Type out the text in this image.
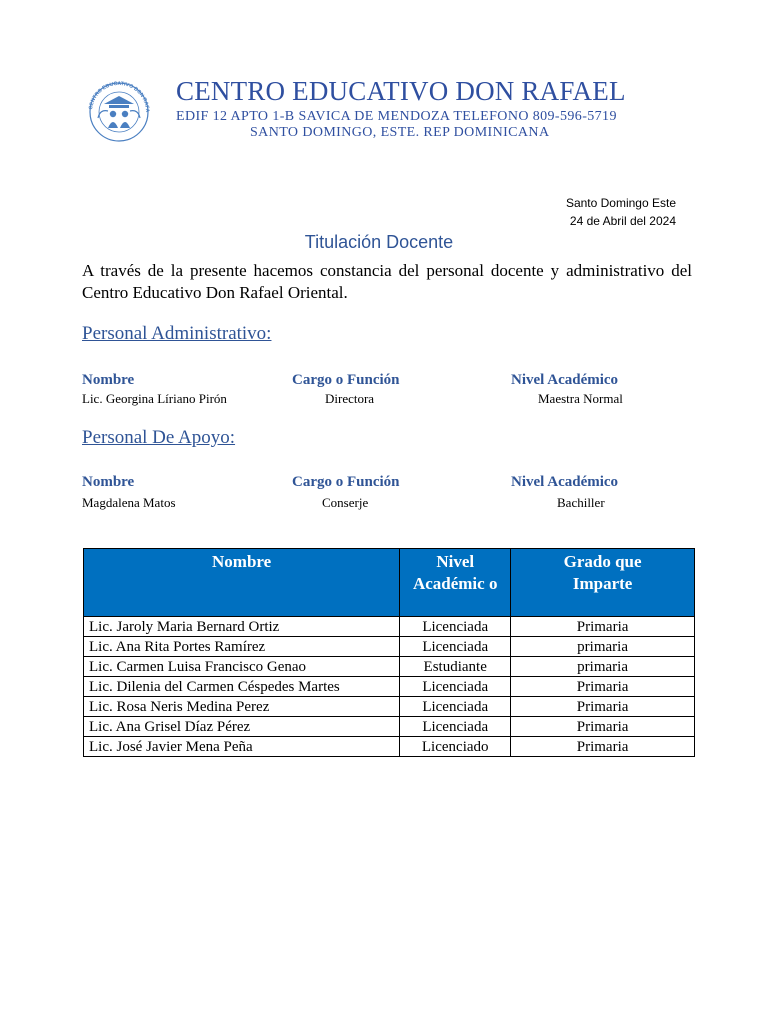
CENTRO EDUCATIVO DON RAFA
CENTRO EDUCATIVO DON RAFAEL
EDIF 12 APTO 1-B SAVICA DE MENDOZA TELEFONO 809-596-5719
SANTO DOMINGO, ESTE. REP DOMINICANA
Santo Domingo Este
24 de Abril del 2024
Titulación Docente
A través de la presente hacemos constancia del personal docente y administrativo del Centro Educativo Don Rafael Oriental.
Personal Administrativo:
Nombre	Cargo o Función	Nivel Académico
Lic. Georgina Líriano Pirón	Directora	Maestra Normal
Personal De Apoyo:
Nombre	Cargo o Función	Nivel Académico
Magdalena Matos	Conserje	Bachiller
Nombre	Nivel Académic o	Grado que Imparte
Lic. Jaroly Maria Bernard Ortiz	Licenciada	Primaria
Lic. Ana Rita Portes Ramírez	Licenciada	primaria
Lic. Carmen Luisa Francisco Genao	Estudiante	primaria
Lic. Dilenia del Carmen Céspedes Martes	Licenciada	Primaria
Lic. Rosa Neris Medina Perez	Licenciada	Primaria
Lic. Ana Grisel Díaz Pérez	Licenciada	Primaria
Lic. José Javier Mena Peña	Licenciado	Primaria
